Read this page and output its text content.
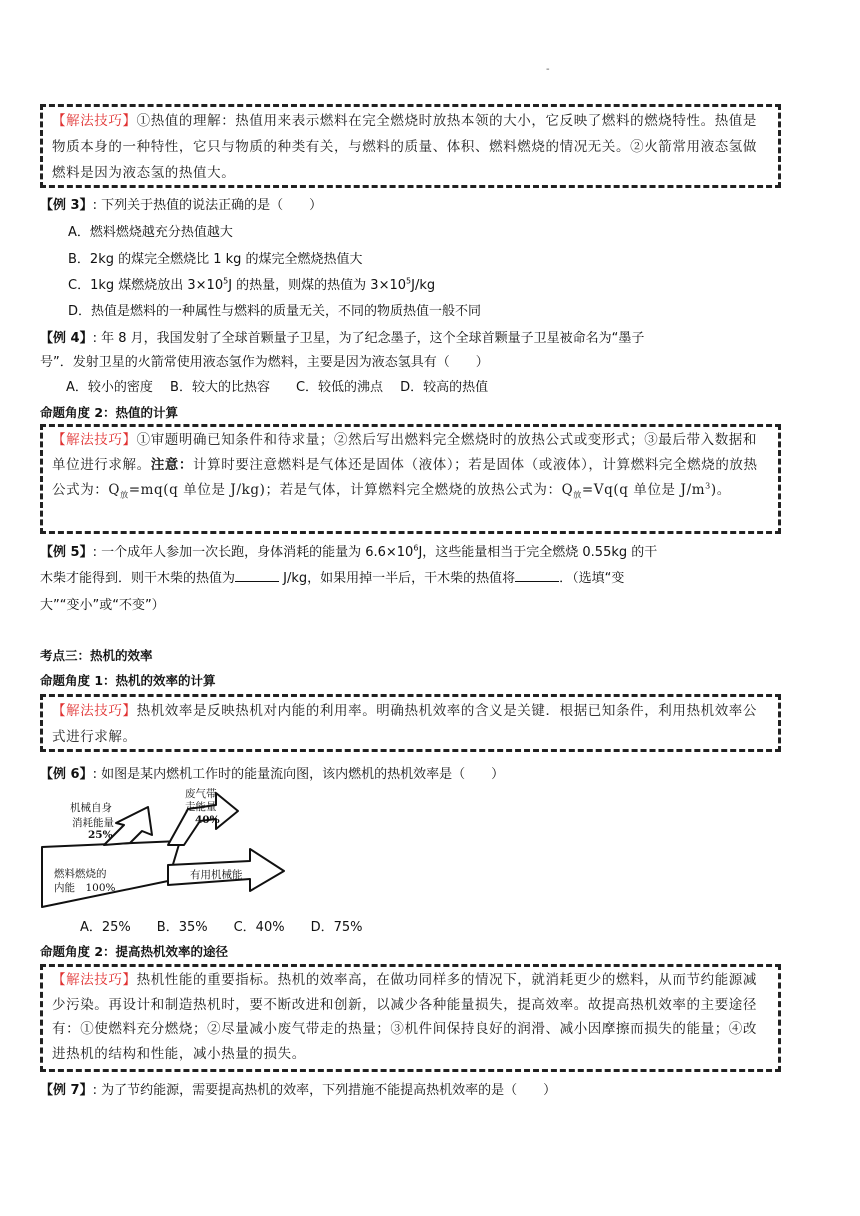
-
【解法技巧】①热值的理解：热值用来表示燃料在完全燃烧时放热本领的大小，它反映了燃料的燃烧特性。热值是物质本身的一种特性，它只与物质的种类有关，与燃料的质量、体积、燃料燃烧的情况无关。②火箭常用液态氢做燃料是因为液态氢的热值大。
【例 3】: 下列关于热值的说法正确的是（　　）
A．燃料燃烧越充分热值越大
B．2kg 的煤完全燃烧比 1 kg 的煤完全燃烧热值大
C．1kg 煤燃烧放出 $3\times 10^5J$ 的热量，则煤的热值为 $3\times 10^5J/kg$
D．热值是燃料的一种属性与燃料的质量无关，不同的物质热值一般不同
【例 4】: 年 8 月，我国发射了全球首颗量子卫星，为了纪念墨子，这个全球首颗量子卫星被命名为“墨子
号”．发射卫星的火箭常使用液态氢作为燃料，主要是因为液态氢具有（　　）
A．较小的密度　 B．较大的比热容　　C．较低的沸点　 D．较高的热值
命题角度 2：热值的计算
【解法技巧】①审题明确已知条件和待求量；②然后写出燃料完全燃烧时的放热公式或变形式；③最后带入数据和单位进行求解。注意：计算时要注意燃料是气体还是固体（液体）；若是固体（或液体），计算燃料完全燃烧的放热公式为：$Q_放=mq(q$ 单位是 J/kg)；若是气体，计算燃料完全燃烧的放热公式为：$Q_放=Vq(q$ 单位是 $J/m^3$)。
【例 5】: 一个成年人参加一次长跑，身体消耗的能量为 $6.6\times 10^6J$，这些能量相当于完全燃烧 0.55kg 的干
木柴才能得到．则干木柴的热值为	J/kg，如果用掉一半后，干木柴的热值将	．（选填“变
大”“变小”或“不变”）
考点三：热机的效率
命题角度 1：热机的效率的计算
【解法技巧】热机效率是反映热机对内能的利用率。明确热机效率的含义是关键．根据已知条件，利用热机效率公式进行求解。
【例 6】: 如图是某内燃机工作时的能量流向图，该内燃机的热机效率是（　　）
机械自身
消耗能量
25%
废气带
走能量
40%
燃料燃烧的
内能　100%
有用机械能
A．25%　　B．35%　　C．40%　　D．75%
命题角度 2：提高热机效率的途径
【解法技巧】热机性能的重要指标。热机的效率高，在做功同样多的情况下，就消耗更少的燃料，从而节约能源减少污染。再设计和制造热机时，要不断改进和创新，以减少各种能量损失，提高效率。故提高热机效率的主要途径有：①使燃料充分燃烧；②尽量减小废气带走的热量；③机件间保持良好的润滑、减小因摩擦而损失的能量；④改进热机的结构和性能，减小热量的损失。
【例 7】: 为了节约能源，需要提高热机的效率，下列措施不能提高热机效率的是（　　）
